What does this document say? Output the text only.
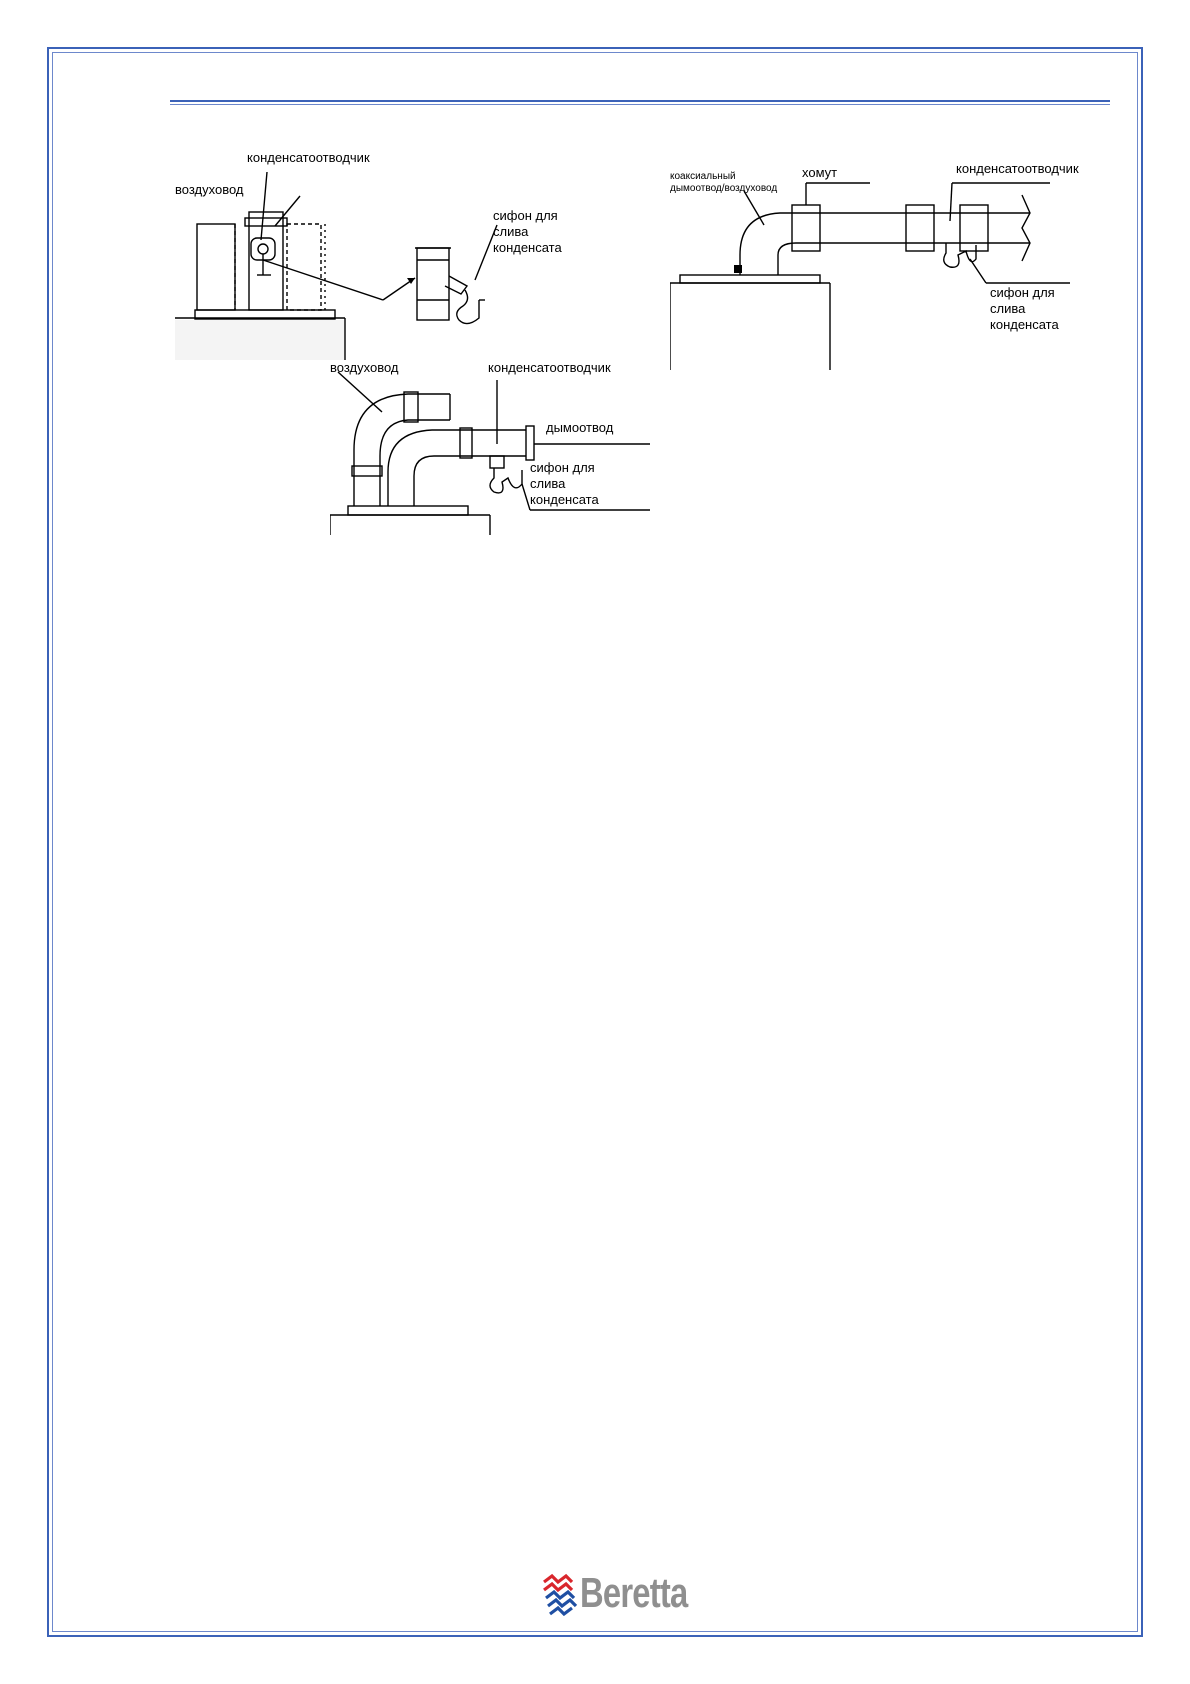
конденсатоотводчик
воздуховод
сифон для
слива
конденсата
коаксиальный
дымоотвод/воздуховод
хомут	конденсатоотводчик
сифон для
слива
конденсата
воздуховод	конденсатоотводчик
дымоотвод
сифон для
слива
конденсата
Beretta
